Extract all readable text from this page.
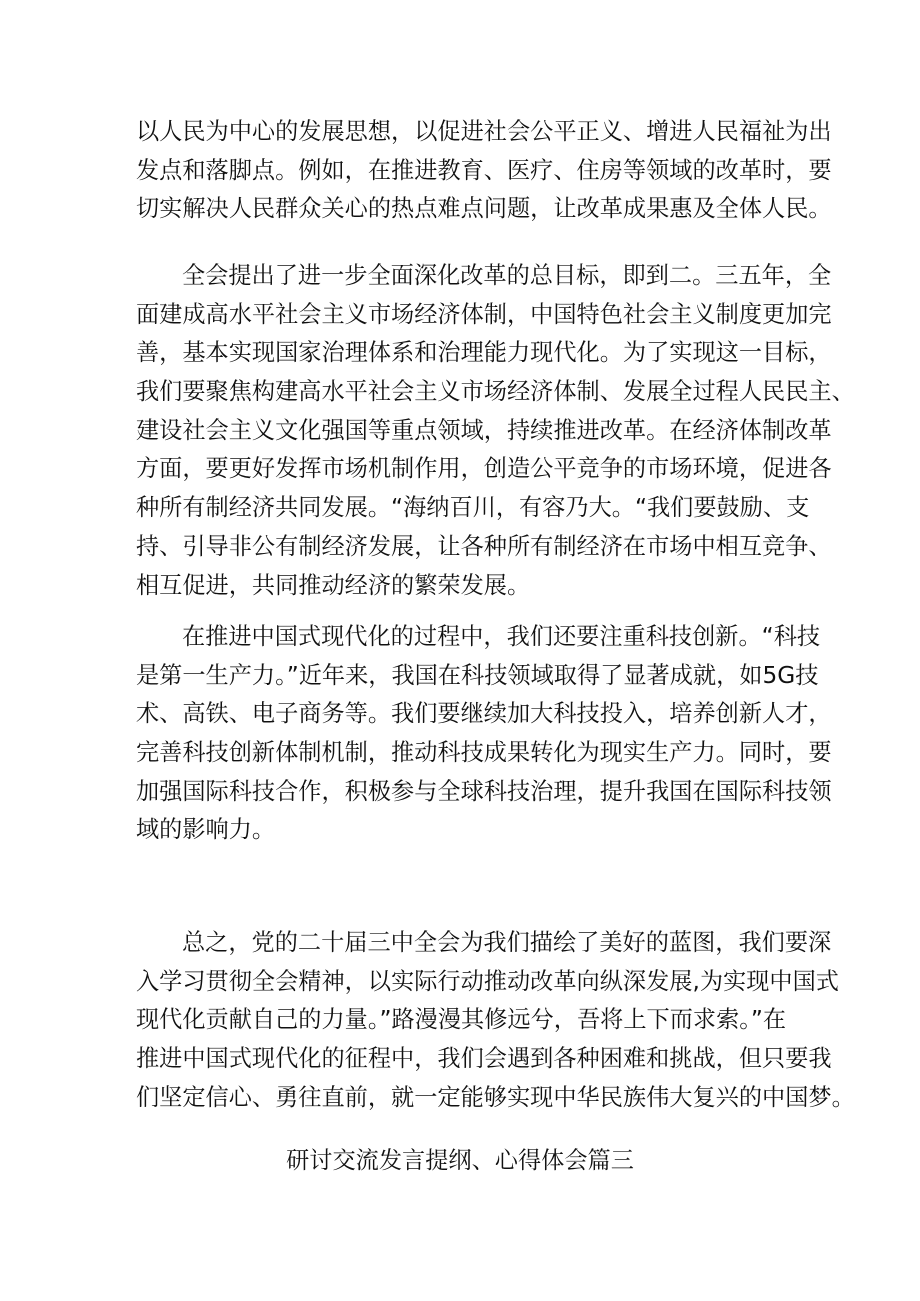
以人民为中心的发展思想，以促进社会公平正义、增进人民福祉为出
发点和落脚点。例如，在推进教育、医疗、住房等领域的改革时，要
切实解决人民群众关心的热点难点问题，让改革成果惠及全体人民。
全会提出了进一步全面深化改革的总目标，即到二。三五年，全
面建成高水平社会主义市场经济体制，中国特色社会主义制度更加完
善，基本实现国家治理体系和治理能力现代化。为了实现这一目标，
我们要聚焦构建高水平社会主义市场经济体制、发展全过程人民民主、
建设社会主义文化强国等重点领域，持续推进改革。在经济体制改革
方面，要更好发挥市场机制作用，创造公平竞争的市场环境，促进各
种所有制经济共同发展。“海纳百川，有容乃大。“我们要鼓励、支
持、引导非公有制经济发展，让各种所有制经济在市场中相互竞争、
相互促进，共同推动经济的繁荣发展。
在推进中国式现代化的过程中，我们还要注重科技创新。“科技
是第一生产力。”近年来，我国在科技领域取得了显著成就，如5G技
术、高铁、电子商务等。我们要继续加大科技投入，培养创新人才，
完善科技创新体制机制，推动科技成果转化为现实生产力。同时，要
加强国际科技合作，积极参与全球科技治理，提升我国在国际科技领
域的影响力。
总之，党的二十届三中全会为我们描绘了美好的蓝图，我们要深
入学习贯彻全会精神，以实际行动推动改革向纵深发展,为实现中国式
现代化贡献自己的力量。”路漫漫其修远兮，吾将上下而求索。”在
推进中国式现代化的征程中，我们会遇到各种困难和挑战，但只要我
们坚定信心、勇往直前，就一定能够实现中华民族伟大复兴的中国梦。
研讨交流发言提纲、心得体会篇三
